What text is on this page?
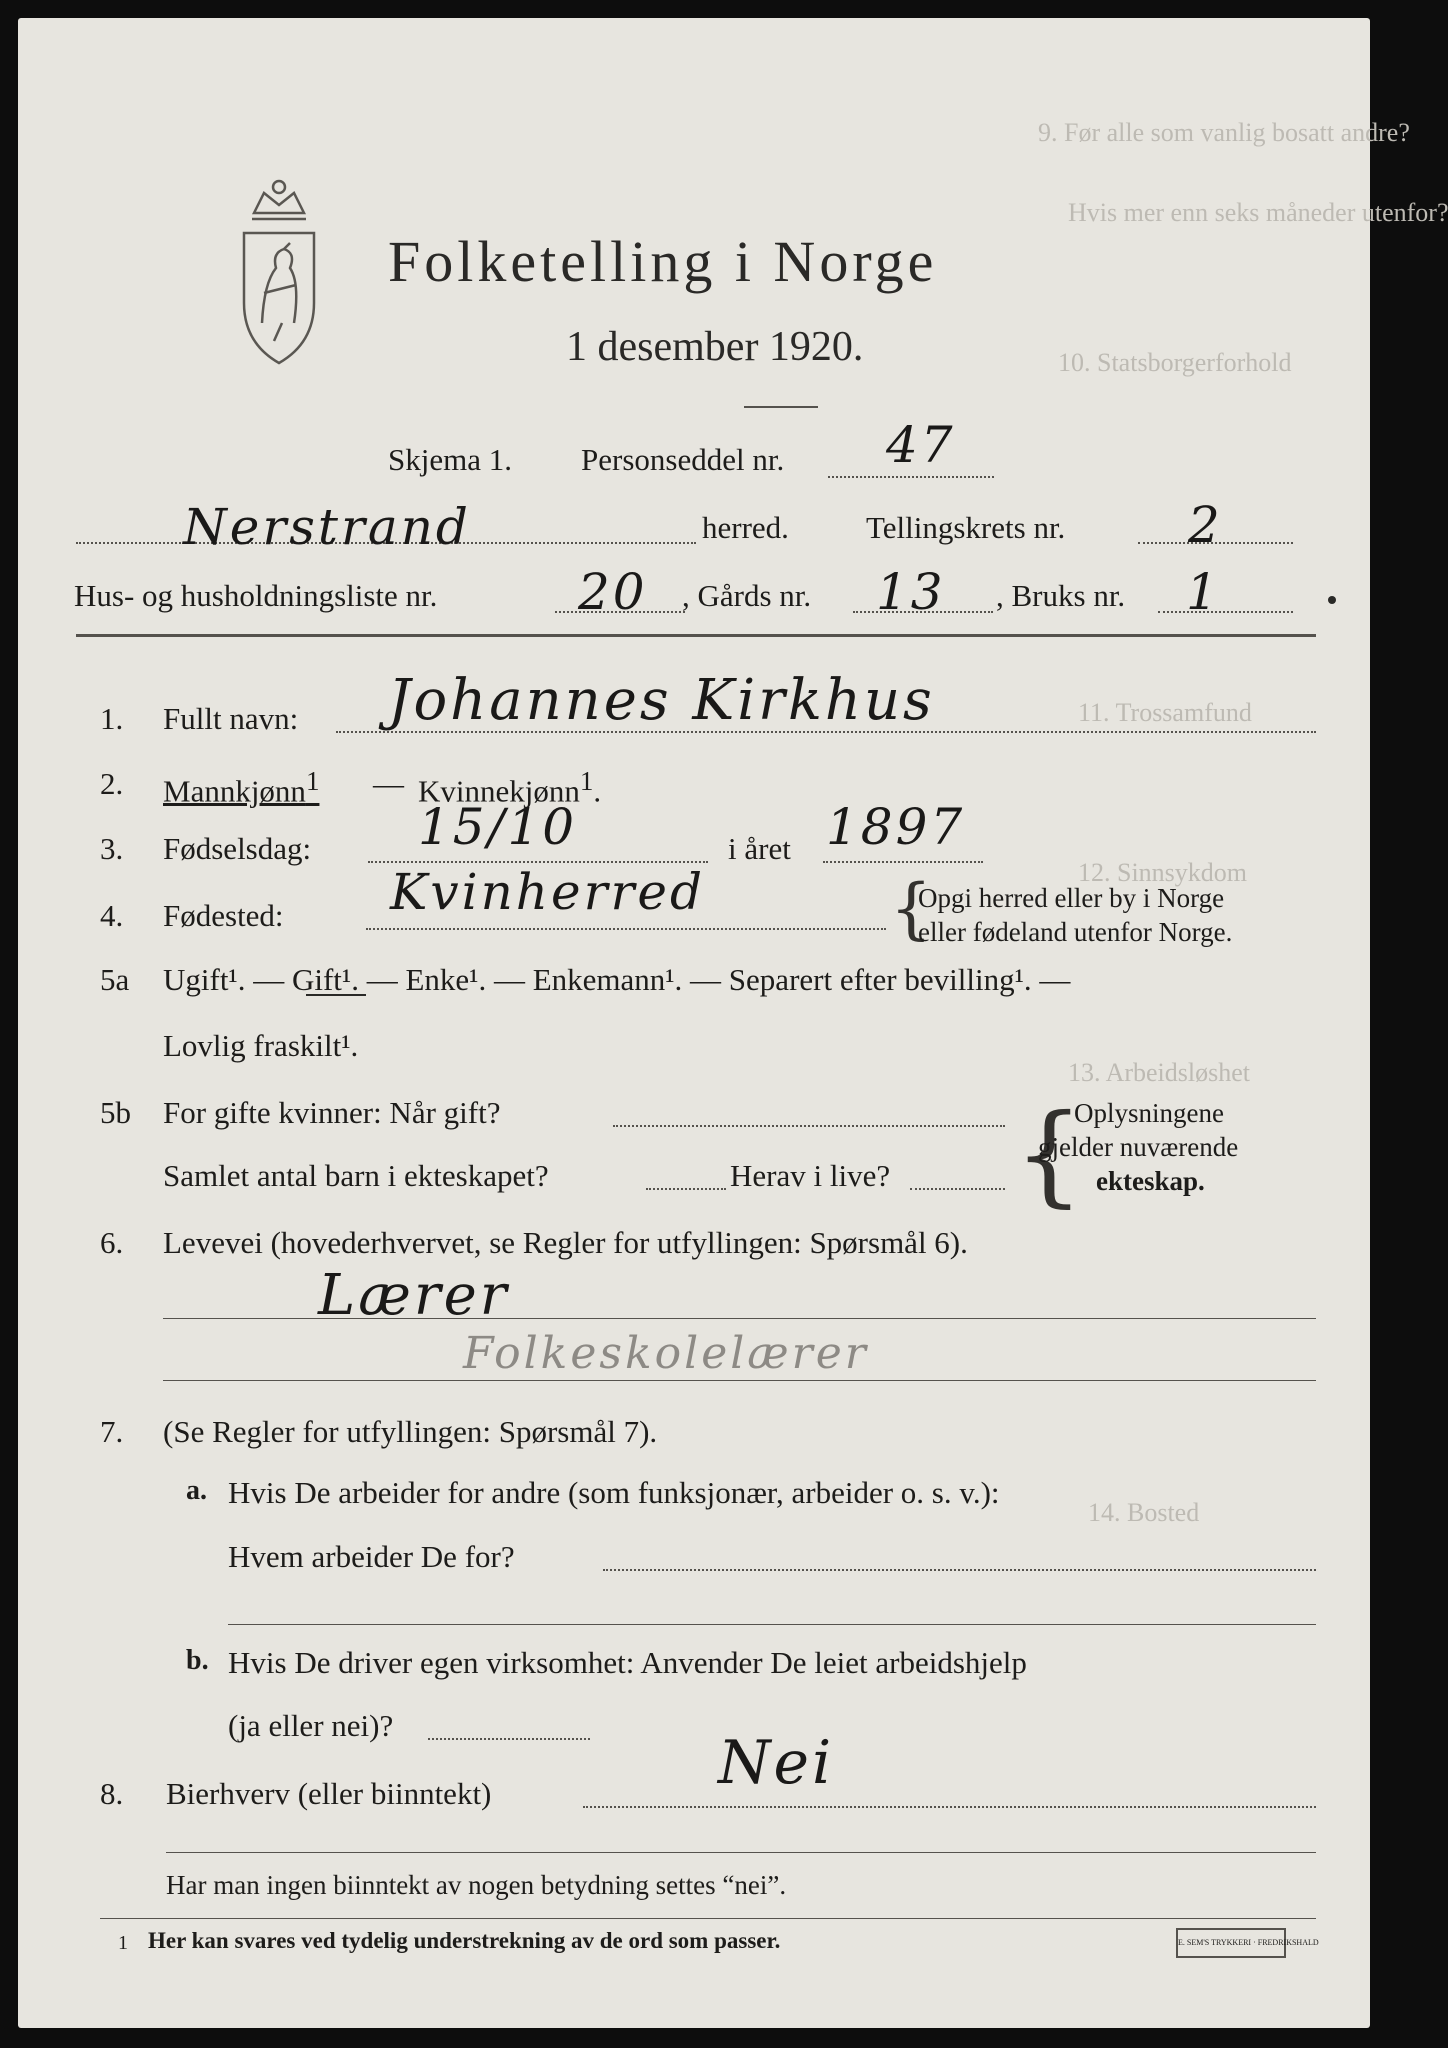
9. Før alle som vanlig bosatt andre?
Hvis mer enn seks måneder utenfor?
10. Statsborgerforhold
11. Trossamfund
12. Sinnsykdom
13. Arbeidsløshet
14. Bosted
Folketelling i Norge
1 desember 1920.
Skjema 1. Personseddel nr. 47
Nerstrand	herred. Tellingskrets nr. 2
Hus- og husholdningsliste nr.	20 , Gårds nr. 13 , Bruks nr. 1
1. Fullt navn: Johannes Kirkhus
2. Mannkjønn$^1$ — Kvinnekjønn$^1$.
3. Fødselsdag: 15/10	i året 1897
4. Fødested: Kvinherred	{
Opgi herred eller by i Norge
eller fødeland utenfor Norge.
5a Ugift¹. — Gift¹. — Enke¹. — Enkemann¹. — Separert efter bevilling¹. —
Lovlig fraskilt¹.
5b For gifte kvinner: Når gift?
Samlet antal barn i ekteskapet?	Herav i live? {
Oplysningene
gjelder nuværende
ekteskap.
6. Levevei (hovederhvervet, se Regler for utfyllingen: Spørsmål 6).
Lærer
Folkeskolelærer
7. (Se Regler for utfyllingen: Spørsmål 7).
a. Hvis De arbeider for andre (som funksjonær, arbeider o. s. v.):
Hvem arbeider De for?
b. Hvis De driver egen virksomhet: Anvender De leiet arbeidshjelp
(ja eller nei)?
8. Bierhverv (eller biinntekt)	Nei
Har man ingen biinntekt av nogen betydning settes “nei”.
1 Her kan svares ved tydelig understrekning av de ord som passer.	E. SEM'S TRYKKERI · FREDRIKSHALD
